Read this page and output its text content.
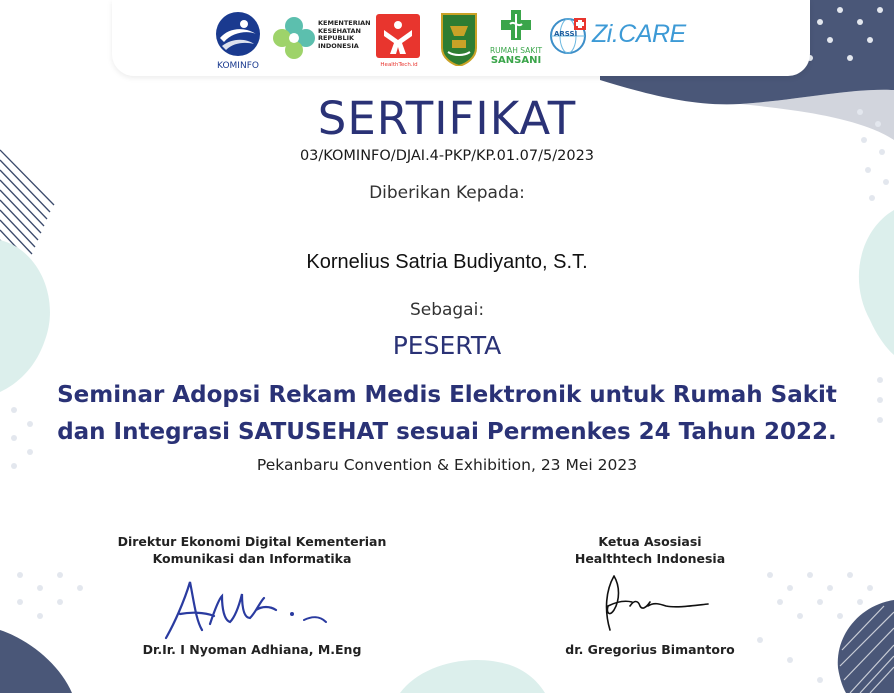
KOMINFO
KEMENTERIAN
KESEHATAN
REPUBLIK
INDONESIA
HealthTech.id
RUMAH SAKIT
SANSANI
ARSSI Zi.CARE
SERTIFIKAT
03/KOMINFO/DJAI.4-PKP/KP.01.07/5/2023
Diberikan Kepada:
Kornelius Satria Budiyanto, S.T.
Sebagai:
PESERTA
Seminar Adopsi Rekam Medis Elektronik untuk Rumah Sakit
dan Integrasi SATUSEHAT sesuai Permenkes 24 Tahun 2022.
Pekanbaru Convention & Exhibition, 23 Mei 2023
Direktur Ekonomi Digital Kementerian
Komunikasi dan Informatika
Dr.Ir. I Nyoman Adhiana, M.Eng
Ketua Asosiasi
Healthtech Indonesia
dr. Gregorius Bimantoro
